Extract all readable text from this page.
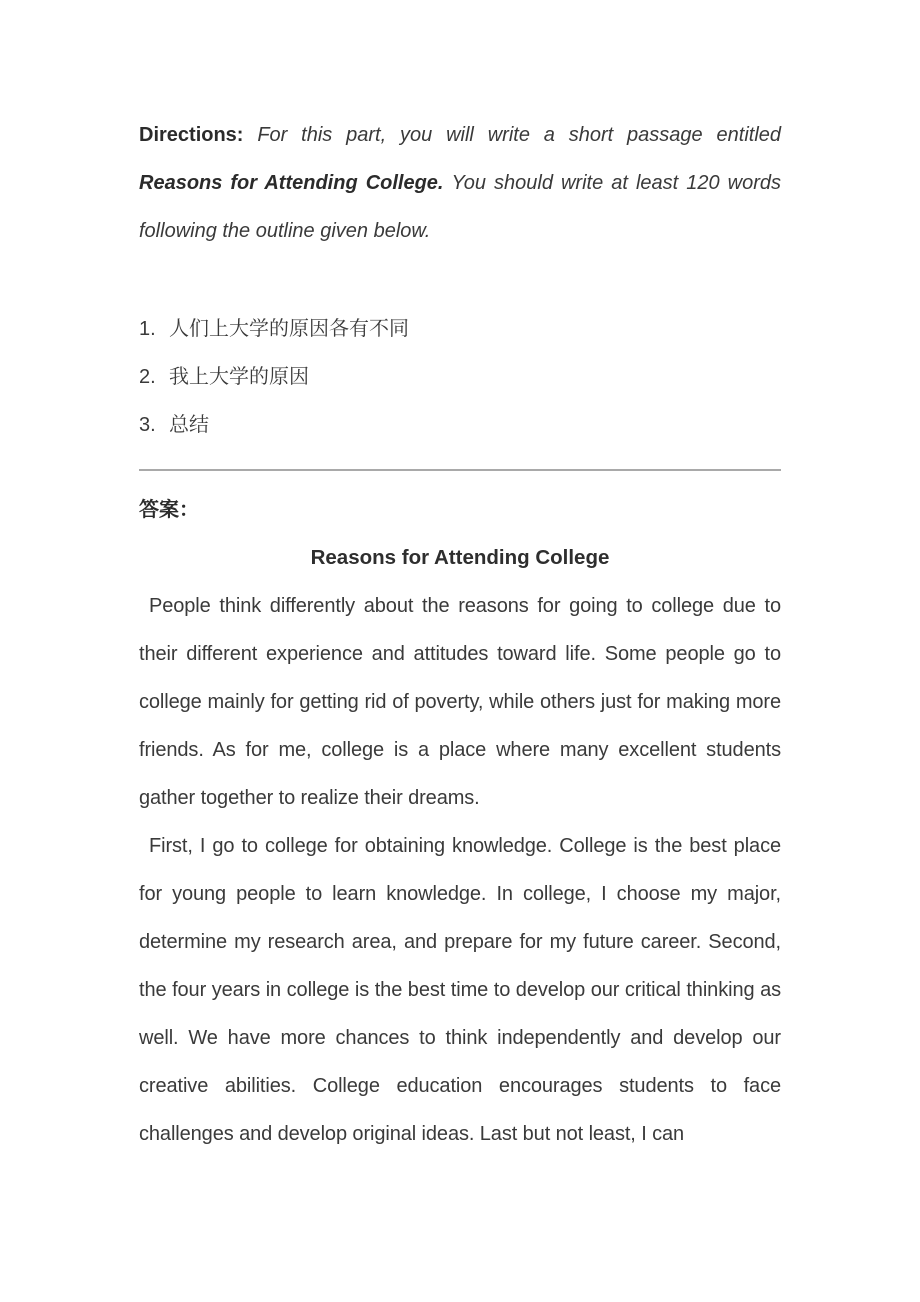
Directions: For this part, you will write a short passage entitled Reasons for Attending College. You should write at least 120 words following the outline given below.

1. 人们上大学的原因各有不同

2. 我上大学的原因

3. 总结

答案：

Reasons for Attending College

People think differently about the reasons for going to college due to their different experience and attitudes toward life. Some people go to college mainly for getting rid of poverty, while others just for making more friends. As for me, college is a place where many excellent students gather together to realize their dreams.

First, I go to college for obtaining knowledge. College is the best place for young people to learn knowledge. In college, I choose my major, determine my research area, and prepare for my future career. Second, the four years in college is the best time to develop our critical thinking as well. We have more chances to think independently and develop our creative abilities. College education encourages students to face challenges and develop original ideas. Last but not least, I can
